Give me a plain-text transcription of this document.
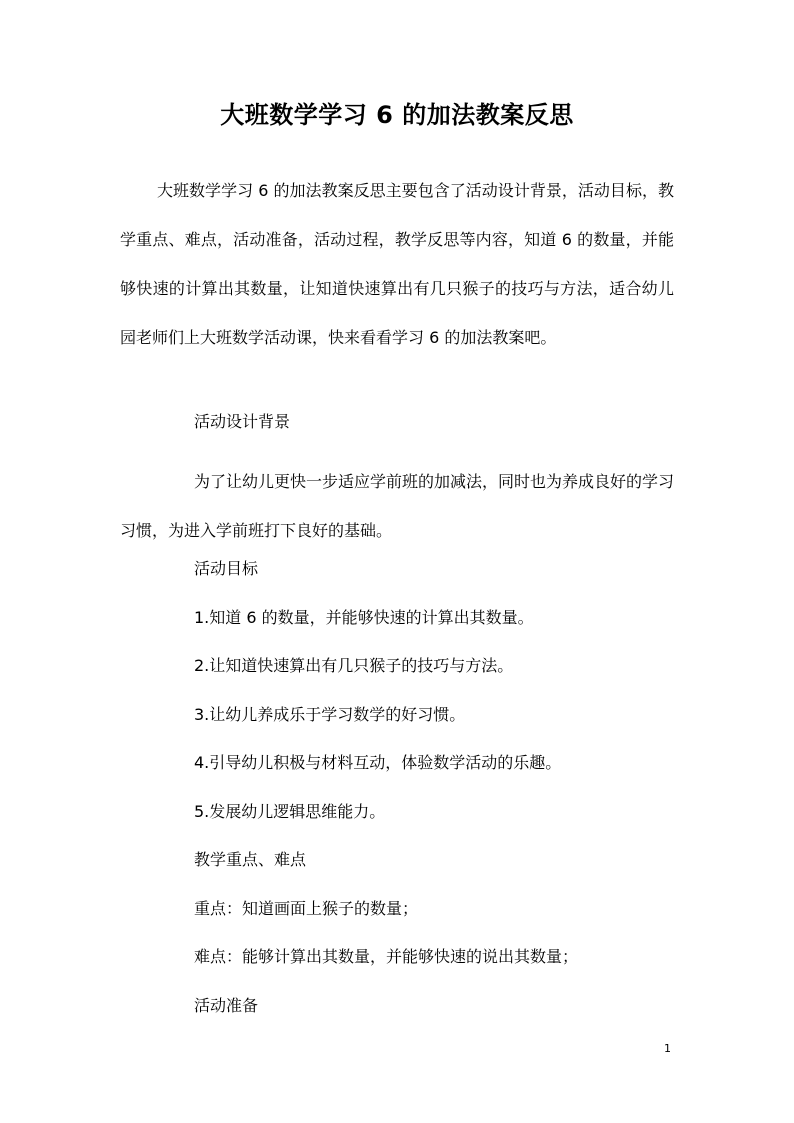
大班数学学习 6 的加法教案反思

大班数学学习 6 的加法教案反思主要包含了活动设计背景，活动目标，教学重点、难点，活动准备，活动过程，教学反思等内容，知道 6 的数量，并能够快速的计算出其数量，让知道快速算出有几只猴子的技巧与方法，适合幼儿园老师们上大班数学活动课，快来看看学习 6 的加法教案吧。

活动设计背景

为了让幼儿更快一步适应学前班的加减法，同时也为养成良好的学习习惯，为进入学前班打下良好的基础。

活动目标

1.知道 6 的数量，并能够快速的计算出其数量。

2.让知道快速算出有几只猴子的技巧与方法。

3.让幼儿养成乐于学习数学的好习惯。

4.引导幼儿积极与材料互动，体验数学活动的乐趣。

5.发展幼儿逻辑思维能力。

教学重点、难点

重点：知道画面上猴子的数量；

难点：能够计算出其数量，并能够快速的说出其数量；

活动准备

1
